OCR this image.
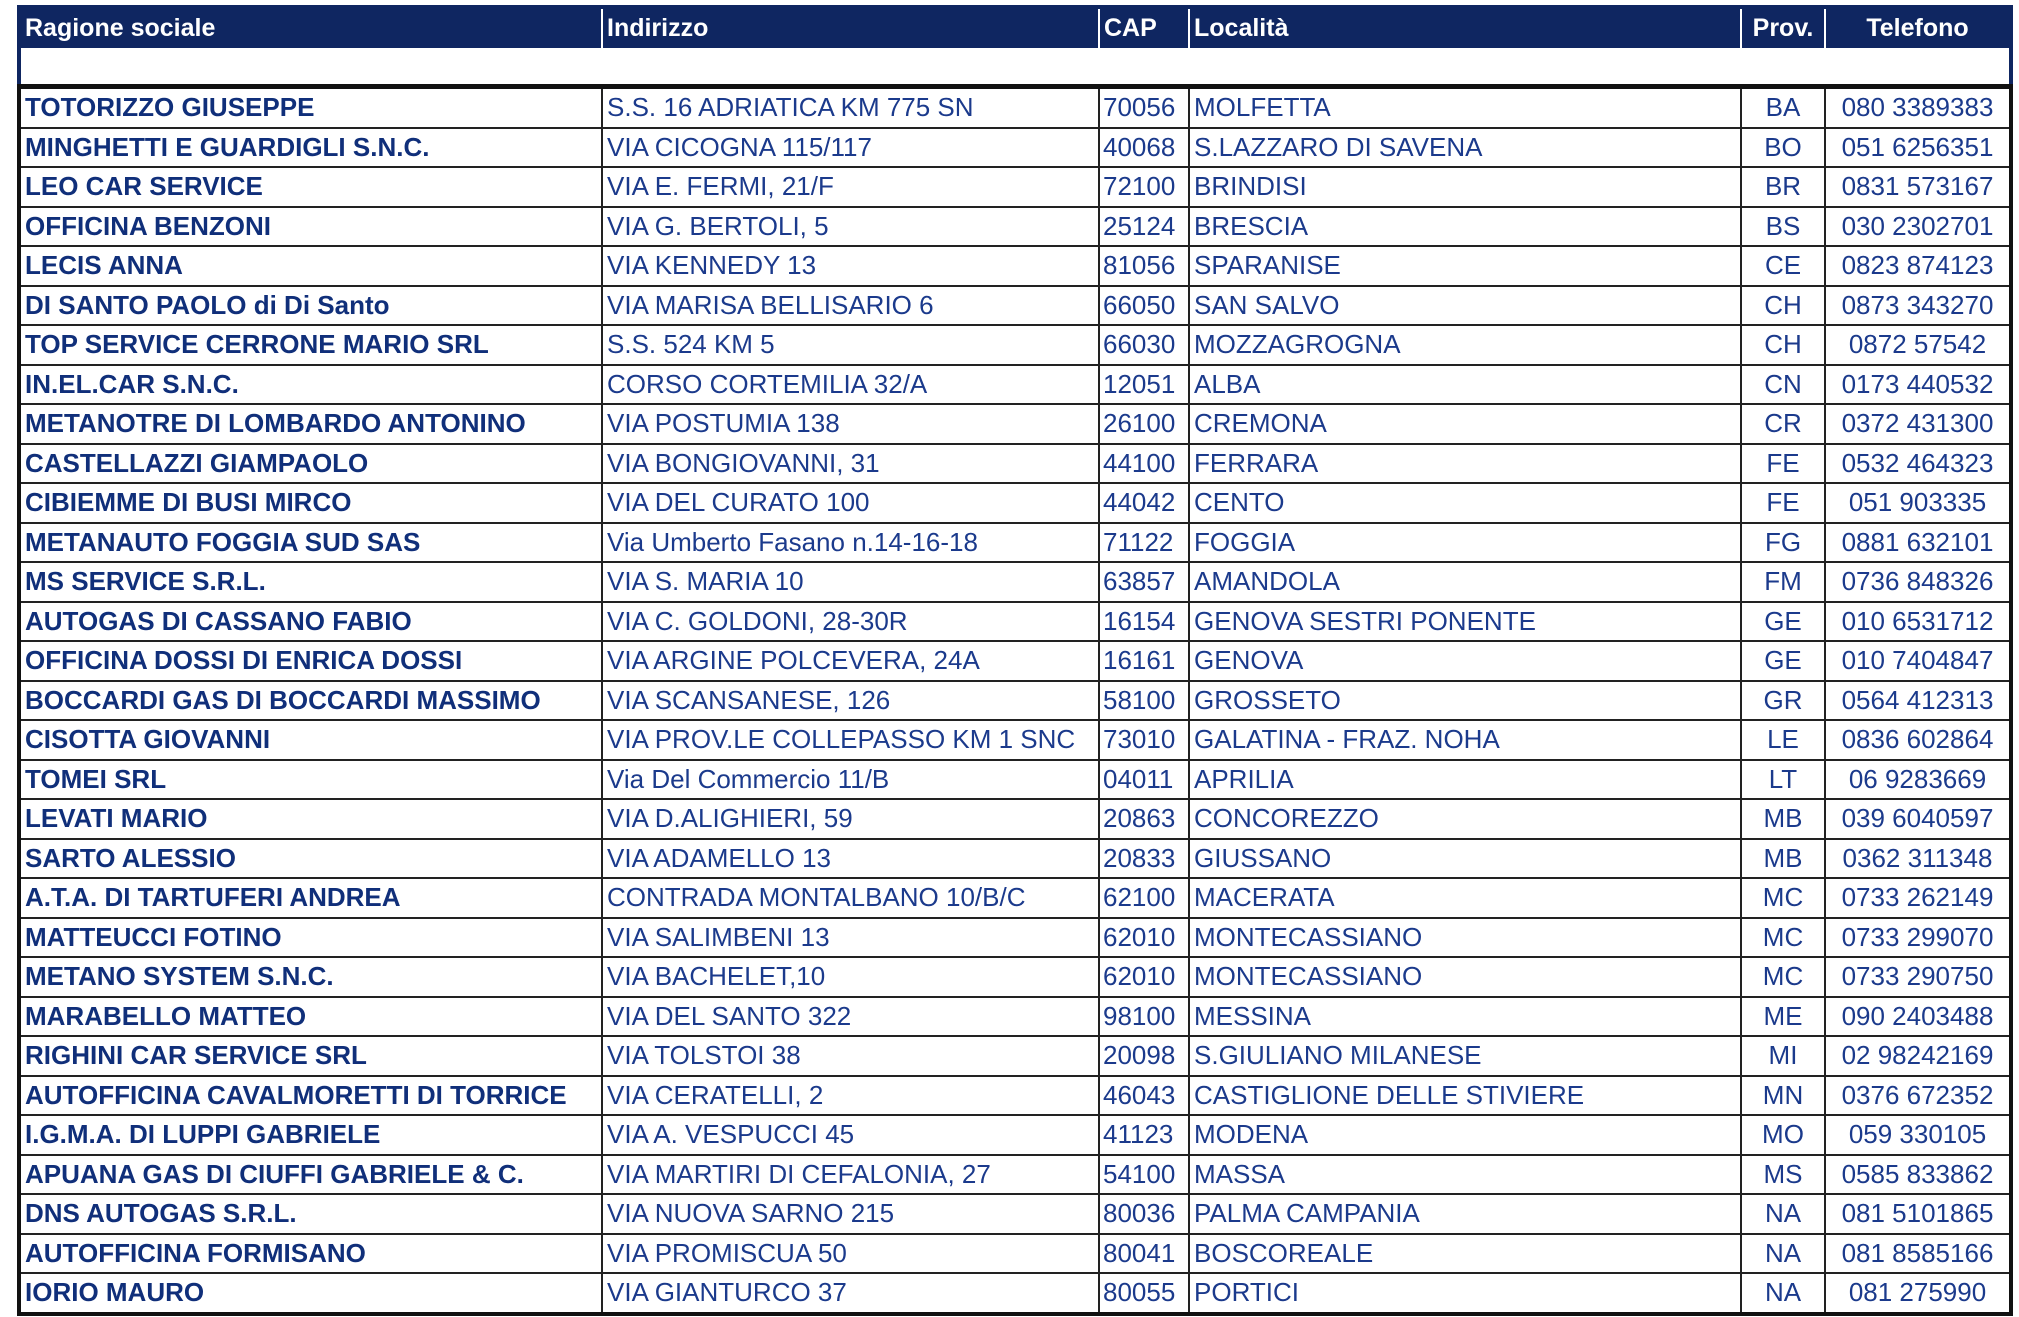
Ragione sociale	Indirizzo	CAP	Località	Prov.	Telefono

TOTORIZZO GIUSEPPE	S.S. 16 ADRIATICA KM 775 SN	70056	MOLFETTA	BA	080 3389383
MINGHETTI E GUARDIGLI S.N.C.	VIA CICOGNA 115/117	40068	S.LAZZARO DI SAVENA	BO	051 6256351
LEO CAR SERVICE	VIA E. FERMI, 21/F	72100	BRINDISI	BR	0831 573167
OFFICINA BENZONI	VIA G. BERTOLI, 5	25124	BRESCIA	BS	030 2302701
LECIS ANNA	VIA KENNEDY 13	81056	SPARANISE	CE	0823 874123
DI SANTO PAOLO di Di Santo	VIA MARISA BELLISARIO 6	66050	SAN SALVO	CH	0873 343270
TOP SERVICE CERRONE MARIO SRL	S.S. 524 KM 5	66030	MOZZAGROGNA	CH	0872 57542
IN.EL.CAR S.N.C.	CORSO CORTEMILIA 32/A	12051	ALBA	CN	0173 440532
METANOTRE DI LOMBARDO ANTONINO	VIA POSTUMIA 138	26100	CREMONA	CR	0372 431300
CASTELLAZZI GIAMPAOLO	VIA BONGIOVANNI, 31	44100	FERRARA	FE	0532 464323
CIBIEMME DI BUSI MIRCO	VIA DEL CURATO 100	44042	CENTO	FE	051 903335
METANAUTO FOGGIA SUD SAS	Via Umberto Fasano n.14-16-18	71122	FOGGIA	FG	0881 632101
MS SERVICE S.R.L.	VIA S. MARIA 10	63857	AMANDOLA	FM	0736 848326
AUTOGAS DI CASSANO FABIO	VIA C. GOLDONI, 28-30R	16154	GENOVA SESTRI PONENTE	GE	010 6531712
OFFICINA DOSSI DI ENRICA DOSSI	VIA ARGINE POLCEVERA, 24A	16161	GENOVA	GE	010 7404847
BOCCARDI GAS DI BOCCARDI MASSIMO	VIA SCANSANESE, 126	58100	GROSSETO	GR	0564 412313
CISOTTA GIOVANNI	VIA PROV.LE COLLEPASSO KM 1 SNC	73010	GALATINA - FRAZ. NOHA	LE	0836 602864
TOMEI SRL	Via Del Commercio 11/B	04011	APRILIA	LT	06 9283669
LEVATI MARIO	VIA D.ALIGHIERI, 59	20863	CONCOREZZO	MB	039 6040597
SARTO ALESSIO	VIA ADAMELLO 13	20833	GIUSSANO	MB	0362 311348
A.T.A. DI TARTUFERI ANDREA	CONTRADA MONTALBANO 10/B/C	62100	MACERATA	MC	0733 262149
MATTEUCCI FOTINO	VIA SALIMBENI 13	62010	MONTECASSIANO	MC	0733 299070
METANO SYSTEM S.N.C.	VIA BACHELET,10	62010	MONTECASSIANO	MC	0733 290750
MARABELLO MATTEO	VIA DEL SANTO 322	98100	MESSINA	ME	090 2403488
RIGHINI CAR SERVICE SRL	VIA TOLSTOI 38	20098	S.GIULIANO MILANESE	MI	02 98242169
AUTOFFICINA CAVALMORETTI DI TORRICE	VIA CERATELLI, 2	46043	CASTIGLIONE DELLE STIVIERE	MN	0376 672352
I.G.M.A. DI LUPPI GABRIELE	VIA A. VESPUCCI 45	41123	MODENA	MO	059 330105
APUANA GAS DI CIUFFI GABRIELE & C.	VIA MARTIRI DI CEFALONIA, 27	54100	MASSA	MS	0585 833862
DNS AUTOGAS S.R.L.	VIA NUOVA SARNO 215	80036	PALMA CAMPANIA	NA	081 5101865
AUTOFFICINA FORMISANO	VIA PROMISCUA 50	80041	BOSCOREALE	NA	081 8585166
IORIO MAURO	VIA GIANTURCO 37	80055	PORTICI	NA	081 275990
